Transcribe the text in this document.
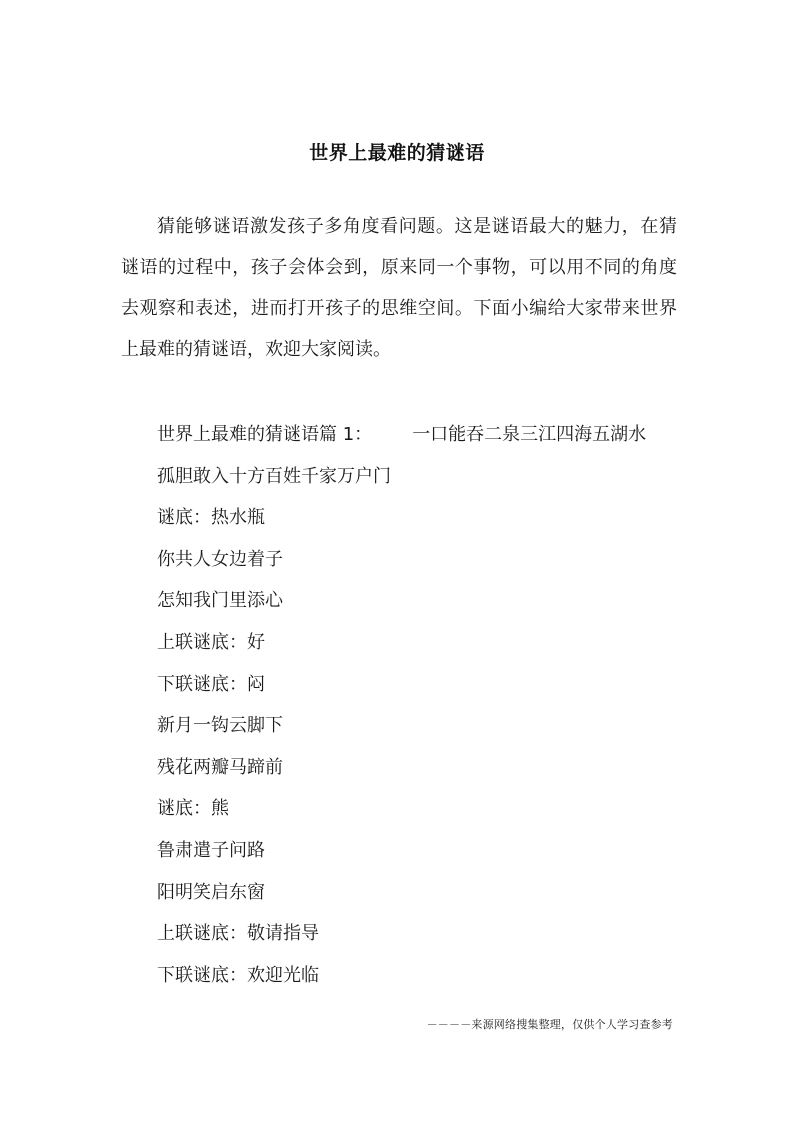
世界上最难的猜谜语

猜能够谜语激发孩子多角度看问题。这是谜语最大的魅力，在猜谜语的过程中，孩子会体会到，原来同一个事物，可以用不同的角度去观察和表述，进而打开孩子的思维空间。下面小编给大家带来世界上最难的猜谜语，欢迎大家阅读。

世界上最难的猜谜语篇 1： 一口能吞二泉三江四海五湖水
孤胆敢入十方百姓千家万户门
谜底：热水瓶
你共人女边着子
怎知我门里添心
上联谜底：好
下联谜底：闷
新月一钩云脚下
残花两瓣马蹄前
谜底：熊
鲁肃遣子问路
阳明笑启东窗
上联谜底：敬请指导
下联谜底：欢迎光临
－－－－来源网络搜集整理，仅供个人学习查参考
